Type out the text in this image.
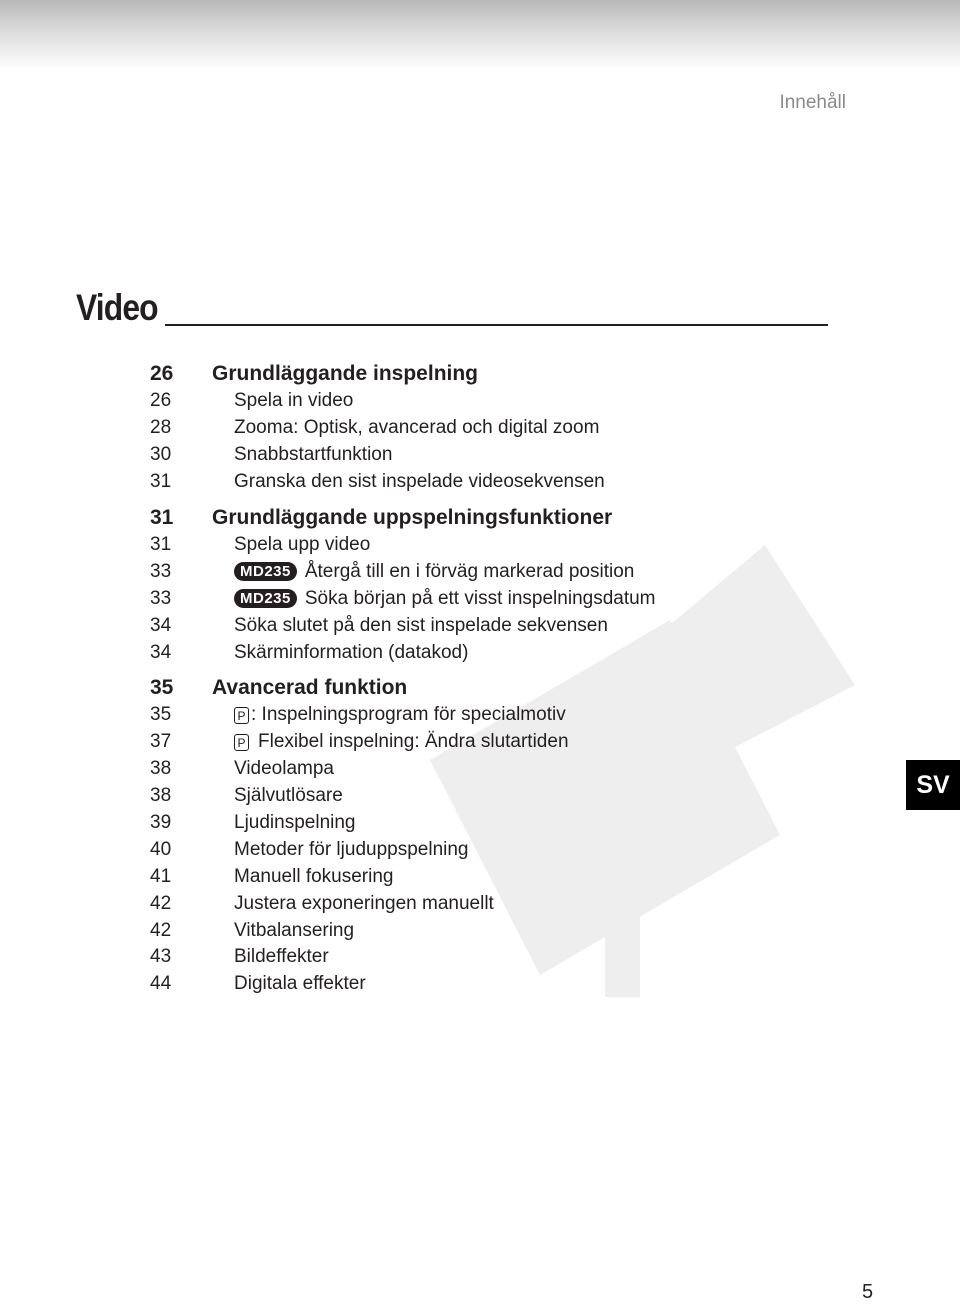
Innehåll
Video
26	Grundläggande inspelning
26	Spela in video
28	Zooma: Optisk, avancerad och digital zoom
30	Snabbstartfunktion
31	Granska den sist inspelade videosekvensen
31	Grundläggande uppspelningsfunktioner
31	Spela upp video
33	MD235 Återgå till en i förväg markerad position
33	MD235 Söka början på ett visst inspelningsdatum
34	Söka slutet på den sist inspelade sekvensen
34	Skärminformation (datakod)
35	Avancerad funktion
35	P : Inspelningsprogram för specialmotiv
37	P Flexibel inspelning: Ändra slutartiden
38	Videolampa
38	Självutlösare
39	Ljudinspelning
40	Metoder för ljuduppspelning
41	Manuell fokusering
42	Justera exponeringen manuellt
42	Vitbalansering
43	Bildeffekter
44	Digitala effekter
SV
5
